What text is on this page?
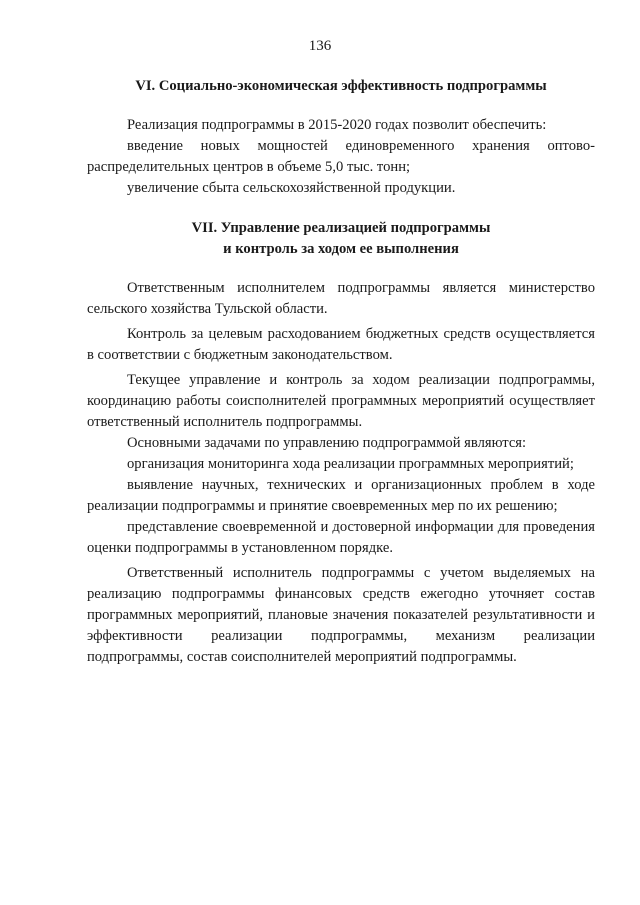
136

VI. Социально-экономическая эффективность подпрограммы

Реализация подпрограммы в 2015-2020 годах позволит обеспечить:

введение новых мощностей единовременного хранения оптово-распределительных центров в объеме 5,0 тыс. тонн;

увеличение сбыта сельскохозяйственной продукции.

VII. Управление реализацией подпрограммы
и контроль за ходом ее выполнения

Ответственным исполнителем подпрограммы является министерство сельского хозяйства Тульской области.

Контроль за целевым расходованием бюджетных средств осуществляется в соответствии с бюджетным законодательством.

Текущее управление и контроль за ходом реализации подпрограммы, координацию работы соисполнителей программных мероприятий осуществляет ответственный исполнитель подпрограммы.

Основными задачами по управлению подпрограммой являются:

организация мониторинга хода реализации программных мероприятий;

выявление научных, технических и организационных проблем в ходе реализации подпрограммы и принятие своевременных мер по их решению;

представление своевременной и достоверной информации для проведения оценки подпрограммы в установленном порядке.

Ответственный исполнитель подпрограммы с учетом выделяемых на реализацию подпрограммы финансовых средств ежегодно уточняет состав программных мероприятий, плановые значения показателей результативности и эффективности реализации подпрограммы, механизм реализации подпрограммы, состав соисполнителей мероприятий подпрограммы.
